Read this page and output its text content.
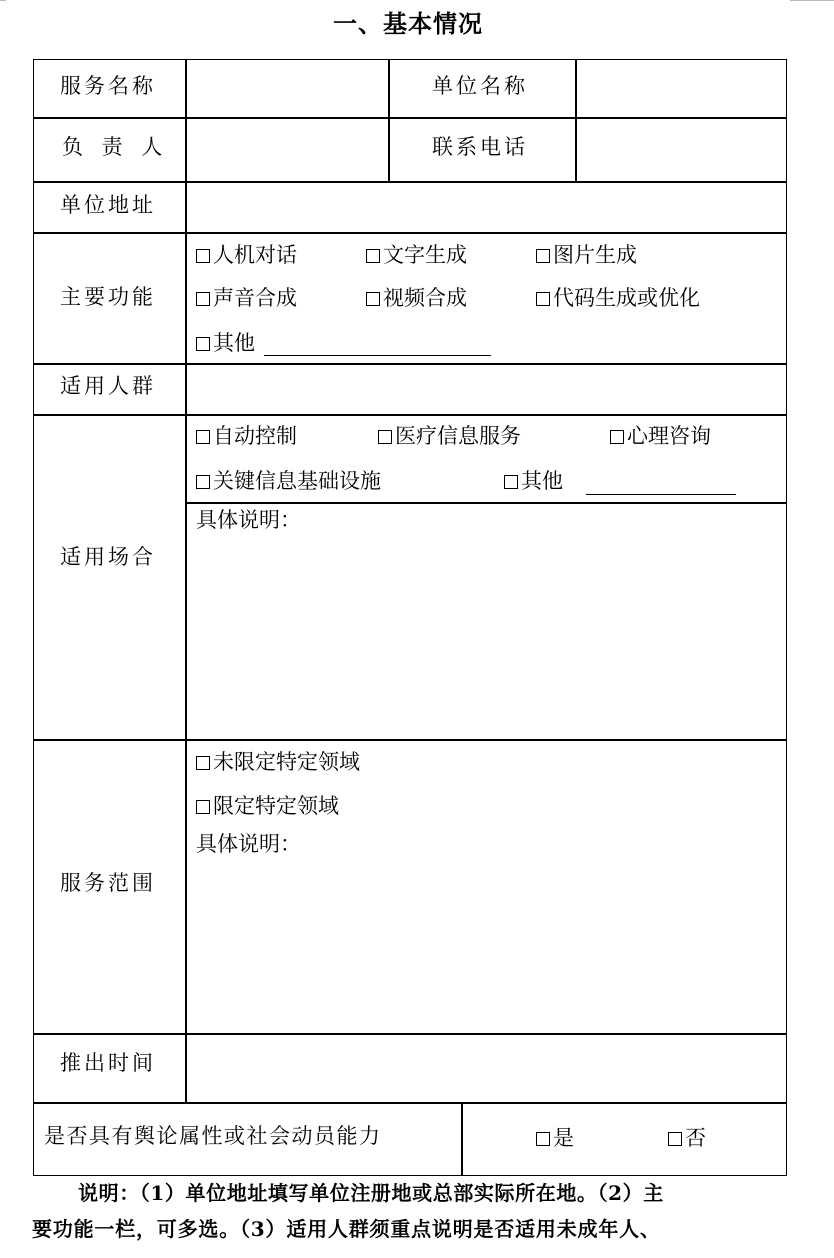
一、基本情况
服务名称	单位名称
负 责 人	联系电话
单位地址
主要功能
人机对话	文字生成	图片生成
声音合成	视频合成	代码生成或优化
其他
适用人群
适用场合
自动控制	医疗信息服务	心理咨询
关键信息基础设施	其他
具体说明：
服务范围
未限定特定领域
限定特定领域
具体说明：
推出时间
是否具有舆论属性或社会动员能力	是	否
说明：（1）单位地址填写单位注册地或总部实际所在地。（2）主
要功能一栏，可多选。（3）适用人群须重点说明是否适用未成年人、
